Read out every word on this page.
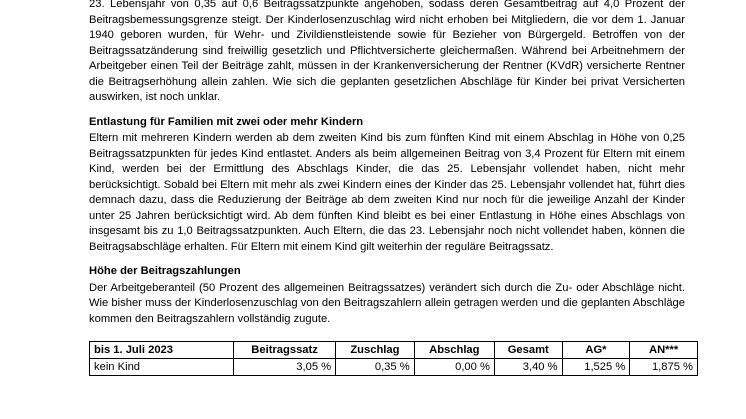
23. Lebensjahr von 0,35 auf 0,6 Beitragssatzpunkte angehoben, sodass deren Gesamtbeitrag auf 4,0 Prozent der Beitragsbemessungsgrenze steigt. Der Kinderlosenzuschlag wird nicht erhoben bei Mitgliedern, die vor dem 1. Januar 1940 geboren wurden, für Wehr- und Zivildienstleistende sowie für Bezieher von Bürgergeld. Betroffen von der Beitragssatzänderung sind freiwillig gesetzlich und Pflichtversicherte gleichermaßen. Während bei Arbeitnehmern der Arbeitgeber einen Teil der Beiträge zahlt, müssen in der Krankenversicherung der Rentner (KVdR) versicherte Rentner die Beitragserhöhung allein zahlen. Wie sich die geplanten gesetzlichen Abschläge für Kinder bei privat Versicherten auswirken, ist noch unklar.

Entlastung für Familien mit zwei oder mehr Kindern

Eltern mit mehreren Kindern werden ab dem zweiten Kind bis zum fünften Kind mit einem Abschlag in Höhe von 0,25 Beitragssatzpunkten für jedes Kind entlastet. Anders als beim allgemeinen Beitrag von 3,4 Prozent für Eltern mit einem Kind, werden bei der Ermittlung des Abschlags Kinder, die das 25. Lebensjahr vollendet haben, nicht mehr berücksichtigt. Sobald bei Eltern mit mehr als zwei Kindern eines der Kinder das 25. Lebensjahr vollendet hat, führt dies demnach dazu, dass die Reduzierung der Beiträge ab dem zweiten Kind nur noch für die jeweilige Anzahl der Kinder unter 25 Jahren berücksichtigt wird. Ab dem fünften Kind bleibt es bei einer Entlastung in Höhe eines Abschlags von insgesamt bis zu 1,0 Beitragssatzpunkten. Auch Eltern, die das 23. Lebensjahr noch nicht vollendet haben, können die Beitragsabschläge erhalten. Für Eltern mit einem Kind gilt weiterhin der reguläre Beitragssatz.

Höhe der Beitragszahlungen

Der Arbeitgeberanteil (50 Prozent des allgemeinen Beitragssatzes) verändert sich durch die Zu- oder Abschläge nicht. Wie bisher muss der Kinderlosenzuschlag von den Beitragszahlern allein getragen werden und die geplanten Abschläge kommen den Beitragszahlern vollständig zugute.

bis 1. Juli 2023	Beitragssatz	Zuschlag	Abschlag	Gesamt	AG*	AN***
kein Kind	3,05 %	0,35 %	0,00 %	3,40 %	1,525 %	1,875 %
